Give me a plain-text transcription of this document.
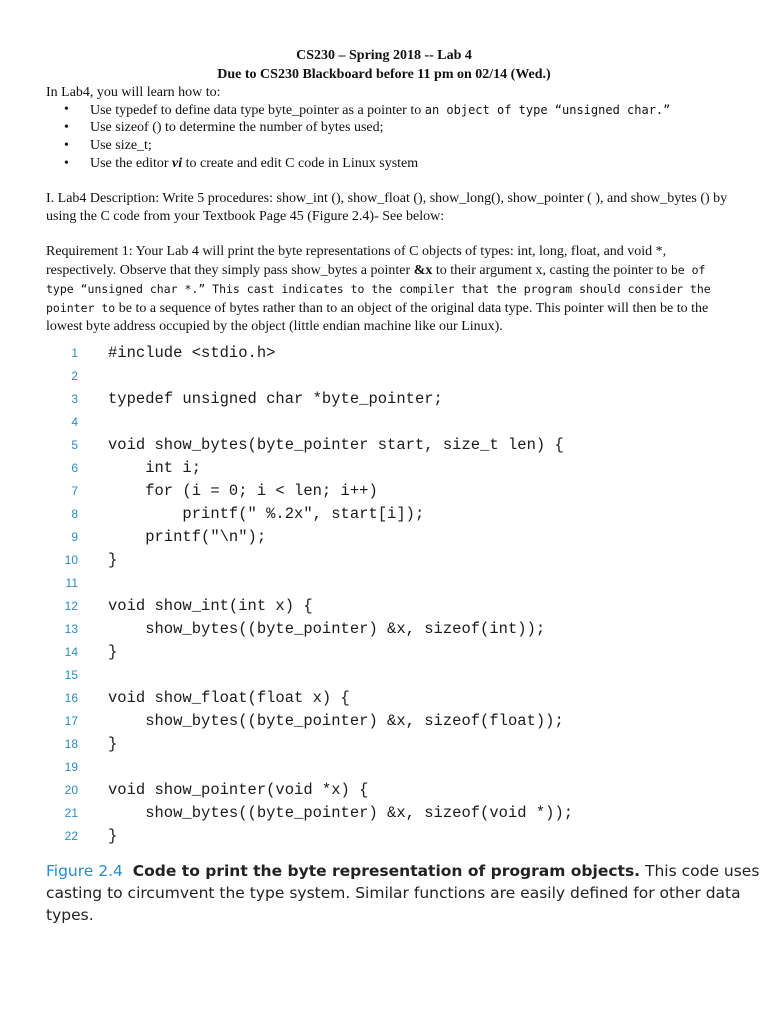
CS230 – Spring 2018 -- Lab 4
Due to CS230 Blackboard before 11 pm on 02/14 (Wed.)
In Lab4, you will learn how to:
• Use typedef to define data type byte_pointer as a pointer to an object of type “unsigned char.”
• Use sizeof () to determine the number of bytes used;
• Use size_t;
• Use the editor vi to create and edit C code in Linux system
I. Lab4 Description: Write 5 procedures: show_int (), show_float (), show_long(), show_pointer ( ), and show_bytes () by using the C code from your Textbook Page 45 (Figure 2.4)- See below:
Requirement 1: Your Lab 4 will print the byte representations of C objects of types: int, long, float, and void *, respectively. Observe that they simply pass show_bytes a pointer &x to their argument x, casting the pointer to be of type “unsigned char *.” This cast indicates to the compiler that the program should consider the pointer to be to a sequence of bytes rather than to an object of the original data type. This pointer will then be to the lowest byte address occupied by the object (little endian machine like our Linux).
1 #include <stdio.h>
2
3 typedef unsigned char *byte_pointer;
4
5 void show_bytes(byte_pointer start, size_t len) {
6 int i;
7 for (i = 0; i < len; i++)
8 printf(" %.2x", start[i]);
9 printf("\n");
10 }
11
12 void show_int(int x) {
13 show_bytes((byte_pointer) &x, sizeof(int));
14 }
15
16 void show_float(float x) {
17 show_bytes((byte_pointer) &x, sizeof(float));
18 }
19
20 void show_pointer(void *x) {
21 show_bytes((byte_pointer) &x, sizeof(void *));
22 }
Figure 2.4 Code to print the byte representation of program objects. This code uses casting to circumvent the type system. Similar functions are easily defined for other data types.
